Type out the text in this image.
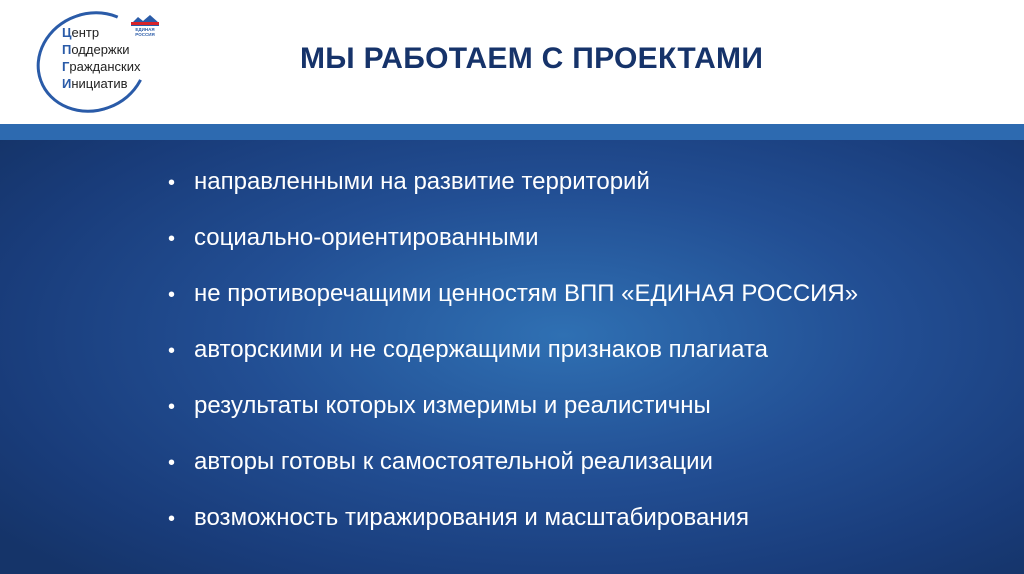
Центр
Поддержки
Гражданских
Инициатив
ЕДИНАЯ
РОССИЯ
МЫ РАБОТАЕМ С ПРОЕКТАМИ
• направленными на развитие территорий
• социально-ориентированными
• не противоречащими ценностям ВПП «ЕДИНАЯ РОССИЯ»
• авторскими и не содержащими признаков плагиата
• результаты которых измеримы и реалистичны
• авторы готовы к самостоятельной реализации
• возможность тиражирования и масштабирования
